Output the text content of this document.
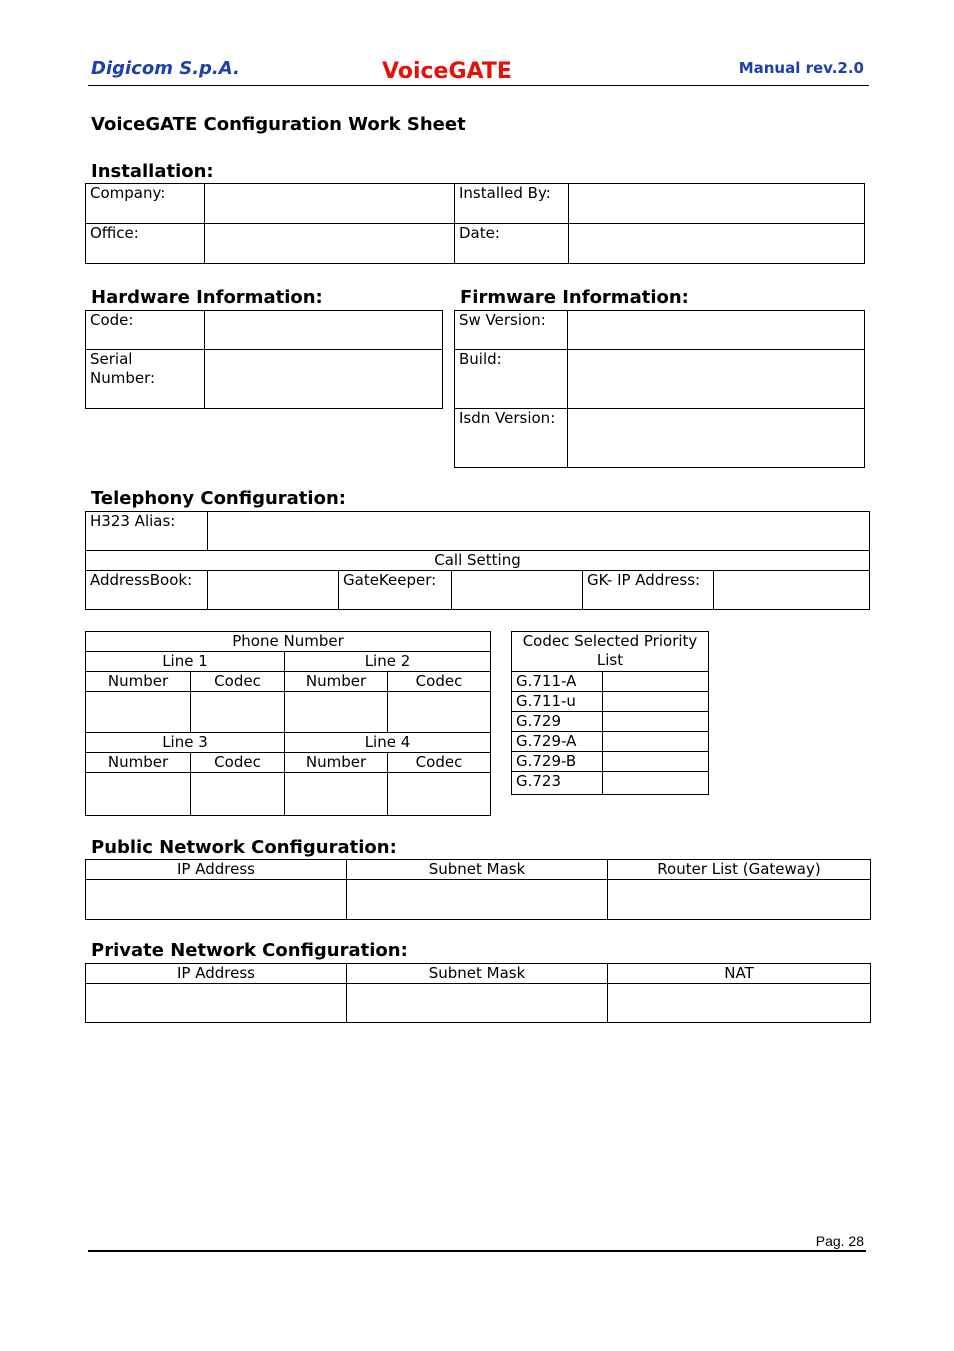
Digicom S.p.A.	VoiceGATE	Manual rev.2.0
VoiceGATE Configuration Work Sheet
Installation:
Company:		Installed By:	
Office:		Date:	
Hardware Information:
Code:	
Serial Number:	
Firmware Information:
Sw Version:	
Build:	
Isdn Version:	
Telephony Configuration:
H323 Alias:					
Call Setting					
AddressBook:		GateKeeper:		GK- IP Address:	
Phone Number			
Line 1		Line 2	
Number	Codec	Number	Codec

Line 3		Line 4	
Number	Codec	Number	Codec

Codec Selected Priority List	
G.711-A	
G.711-u	
G.729	
G.729-A	
G.729-B	
G.723	
Public Network Configuration:
IP Address	Subnet Mask	Router List (Gateway)

Private Network Configuration:
IP Address	Subnet Mask	NAT

Pag. 28
